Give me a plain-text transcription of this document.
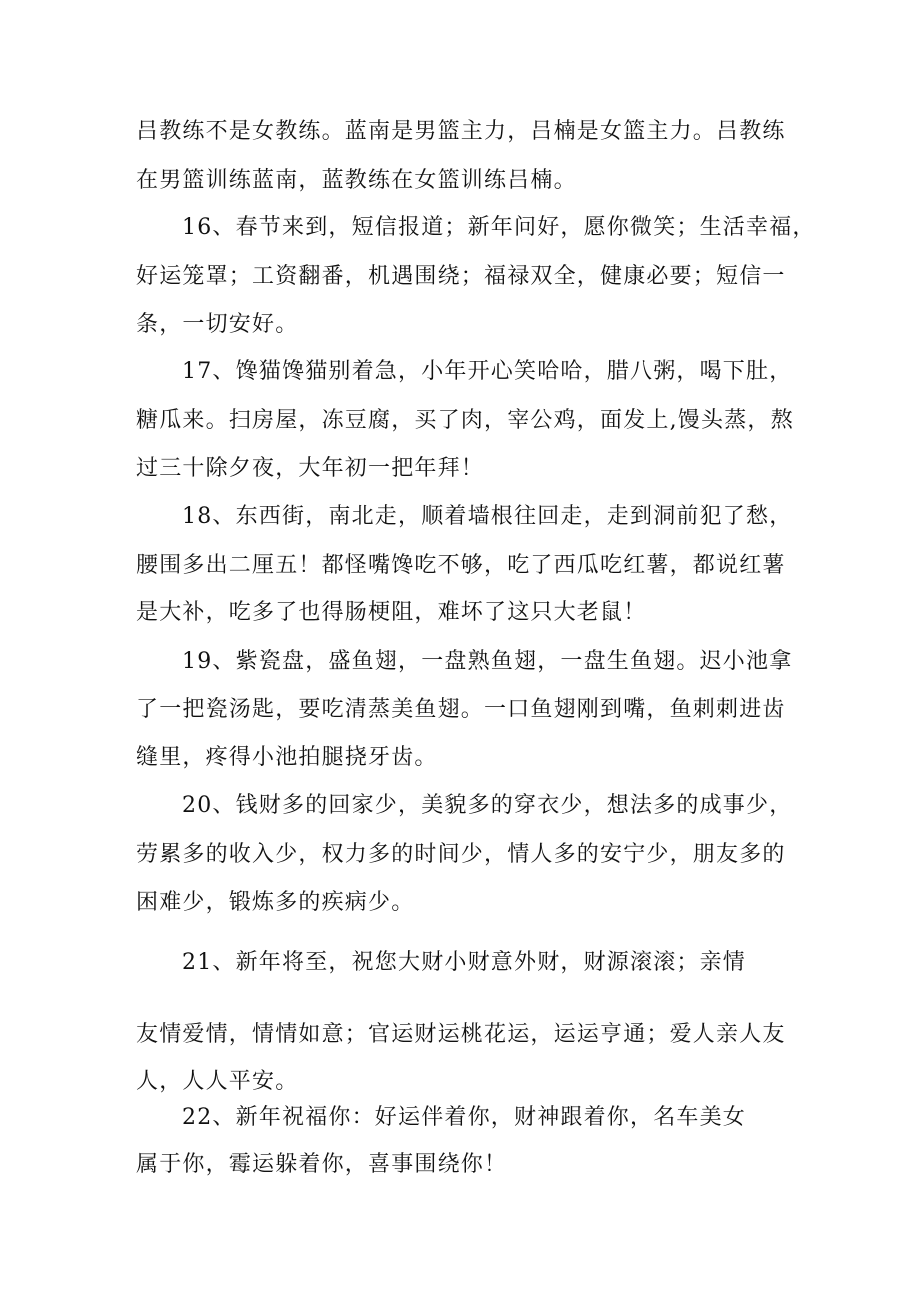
吕教练不是女教练。蓝南是男篮主力，吕楠是女篮主力。吕教练
在男篮训练蓝南，蓝教练在女篮训练吕楠。
16、春节来到，短信报道；新年问好，愿你微笑；生活幸福，
好运笼罩；工资翻番，机遇围绕；福禄双全，健康必要；短信一
条，一切安好。
17、馋猫馋猫别着急，小年开心笑哈哈，腊八粥，喝下肚，
糖瓜来。扫房屋，冻豆腐，买了肉，宰公鸡，面发上,馒头蒸，熬
过三十除夕夜，大年初一把年拜！
18、东西街，南北走，顺着墙根往回走，走到洞前犯了愁，
腰围多出二厘五！都怪嘴馋吃不够，吃了西瓜吃红薯，都说红薯
是大补，吃多了也得肠梗阻，难坏了这只大老鼠！
19、紫瓷盘，盛鱼翅，一盘熟鱼翅，一盘生鱼翅。迟小池拿
了一把瓷汤匙，要吃清蒸美鱼翅。一口鱼翅刚到嘴，鱼刺刺进齿
缝里，疼得小池拍腿挠牙齿。
20、钱财多的回家少，美貌多的穿衣少，想法多的成事少，
劳累多的收入少，权力多的时间少，情人多的安宁少，朋友多的
困难少，锻炼多的疾病少。
21、新年将至，祝您大财小财意外财，财源滚滚；亲情
友情爱情，情情如意；官运财运桃花运，运运亨通；爱人亲人友
人，人人平安。
22、新年祝福你：好运伴着你，财神跟着你，名车美女
属于你，霉运躲着你，喜事围绕你！
